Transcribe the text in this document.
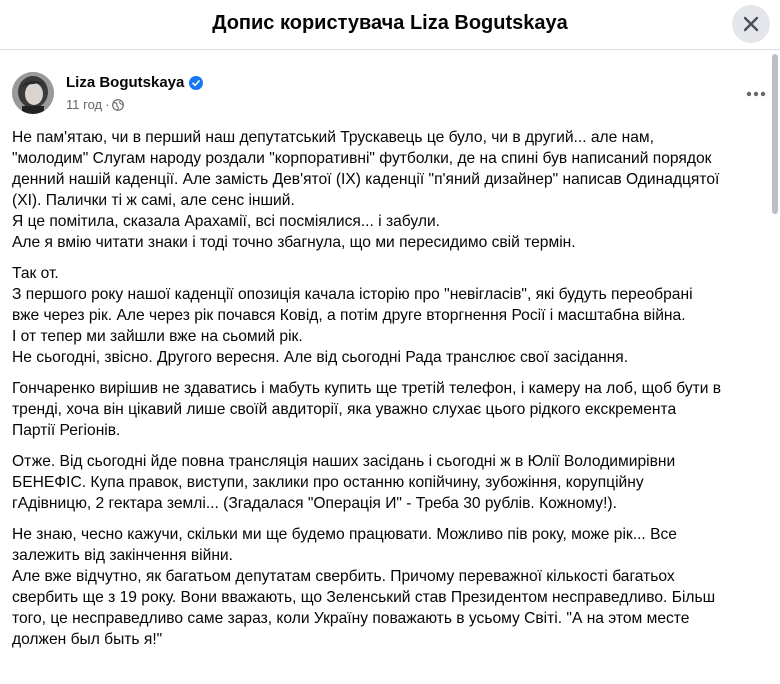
Допис користувача Liza Bogutskaya
Liza Bogutskaya
11 год ·
Не пам'ятаю, чи в перший наш депутатський Трускавець це було, чи в другий... але нам,
"молодим" Слугам народу роздали "корпоративні" футболки, де на спині був написаний порядок
денний нашій каденції. Але замість Дев'ятої (ІХ) каденції "п'яний дизайнер" написав Одинадцятої
(ХІ). Палички ті ж самі, але сенс інший.
Я це помітила, сказала Арахамії, всі посміялися... і забули.
Але я вмію читати знаки і тоді точно збагнула, що ми пересидимо свій термін.
Так от.
З першого року нашої каденції опозиція качала історію про "невігласів", які будуть переобрані
вже через рік. Але через рік почався Ковід, а потім друге вторгнення Росії і масштабна війна.
І от тепер ми зайшли вже на сьомий рік.
Не сьогодні, звісно. Другого вересня. Але від сьогодні Рада транслює свої засідання.
Гончаренко вирішив не здаватись і мабуть купить ще третій телефон, і камеру на лоб, щоб бути в
тренді, хоча він цікавий лише своїй авдиторії, яка уважно слухає цього рідкого екскремента
Партії Регіонів.
Отже. Від сьогодні йде повна трансляція наших засідань і сьогодні ж в Юлії Володимирівни
БЕНЕФІС. Купа правок, виступи, заклики про останню копійчину, зубожіння, корупційну
гАдівницю, 2 гектара землі... (Згадалася "Операція И" - Треба 30 рублів. Кожному!).
Не знаю, чесно кажучи, скільки ми ще будемо працювати. Можливо пів року, може рік... Все
залежить від закінчення війни.
Але вже відчутно, як багатьом депутатам свербить. Причому переважної кількості багатьох
свербить ще з 19 року. Вони вважають, що Зеленський став Президентом несправедливо. Більш
того, це несправедливо саме зараз, коли Україну поважають в усьому Світі. "А на этом месте
должен был быть я!"
